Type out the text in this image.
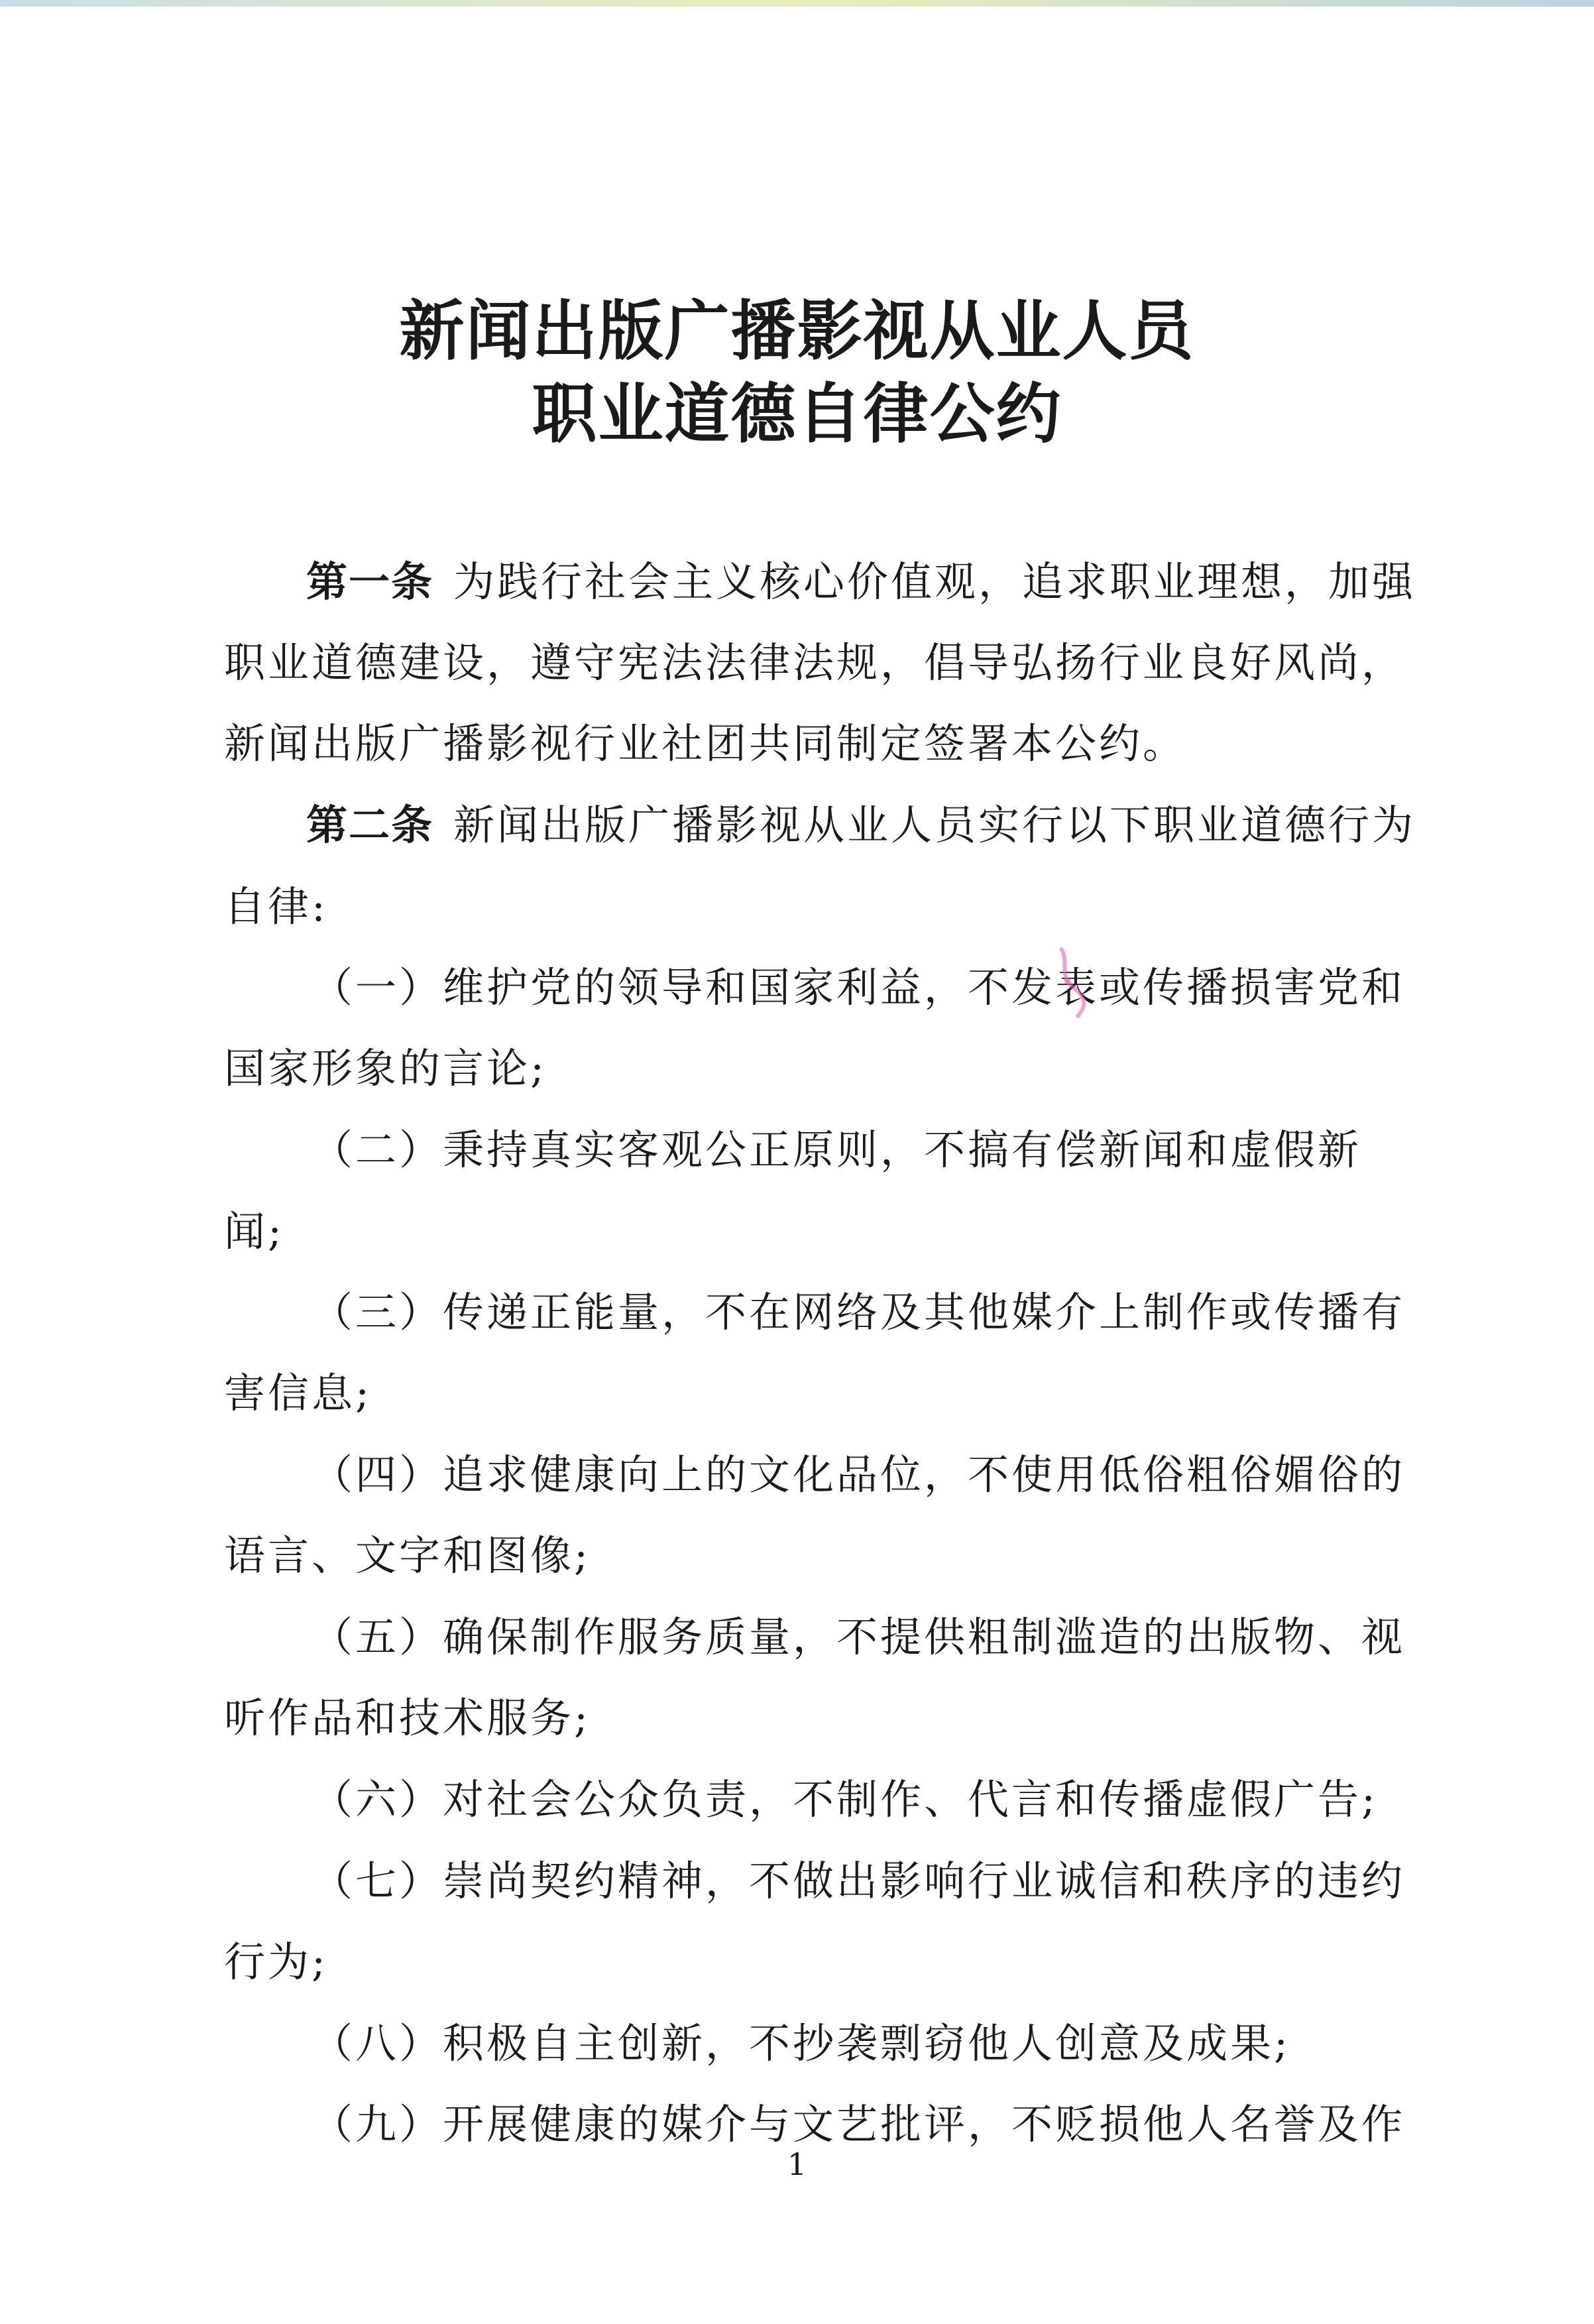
新闻出版广播影视从业人员
职业道德自律公约
第一条 为践行社会主义核心价值观，追求职业理想，加强
职业道德建设，遵守宪法法律法规，倡导弘扬行业良好风尚，
新闻出版广播影视行业社团共同制定签署本公约。
第二条 新闻出版广播影视从业人员实行以下职业道德行为
自律:
（一）维护党的领导和国家利益，不发表或传播损害党和
国家形象的言论;
（二）秉持真实客观公正原则，不搞有偿新闻和虚假新
闻;
（三）传递正能量，不在网络及其他媒介上制作或传播有
害信息;
（四）追求健康向上的文化品位，不使用低俗粗俗媚俗的
语言、文字和图像;
（五）确保制作服务质量，不提供粗制滥造的出版物、视
听作品和技术服务;
（六）对社会公众负责，不制作、代言和传播虚假广告;
（七）崇尚契约精神，不做出影响行业诚信和秩序的违约
行为;
（八）积极自主创新，不抄袭剽窃他人创意及成果;
（九）开展健康的媒介与文艺批评，不贬损他人名誉及作
1
